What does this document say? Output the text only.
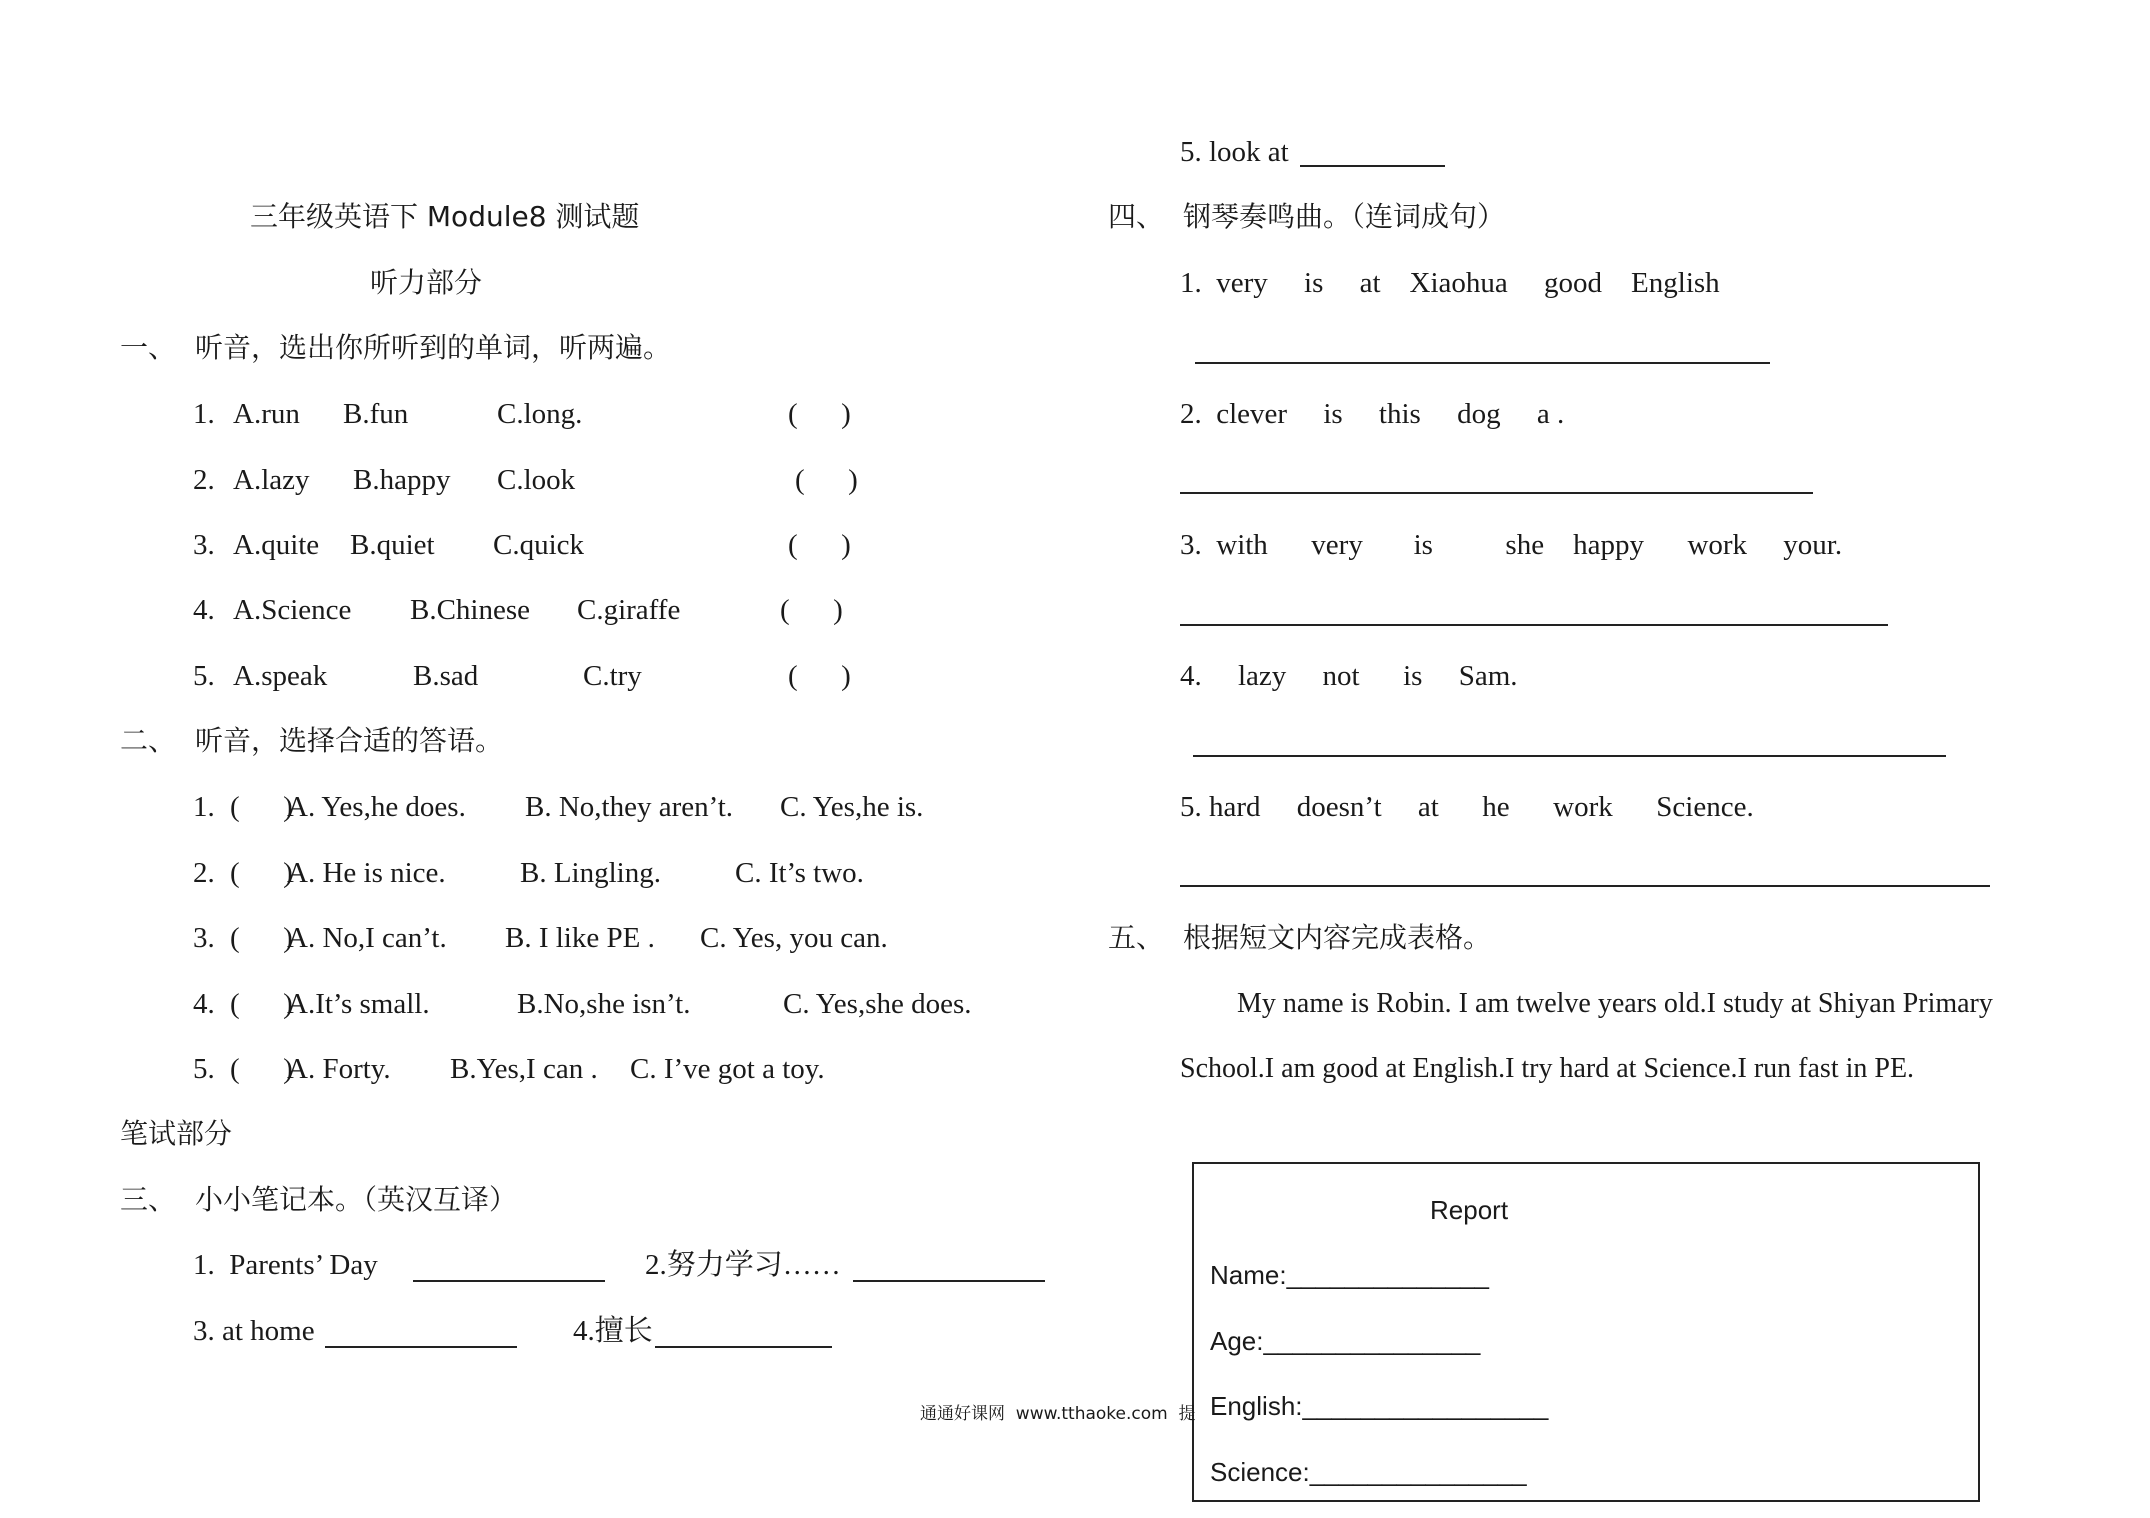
三年级英语下 Module8 测试题
听力部分
一、 听音，选出你所听到的单词，听两遍。
1. A.run B.fun	C.long.	(      )
2. A.lazy B.happy C.look	(      )
3. A.quite B.quiet C.quick	(      )
4. A.Science B.Chinese C.giraffe	(      )
5. A.speak	B.sad	C.try	(      )
二、 听音，选择合适的答语。
1. (      )
A. Yes,he does. B. No,they aren’t. C. Yes,he is.
2. (      )
A. He is nice.	B. Lingling.	C. It’s two.
3. (      )
A. No,I can’t. B. I like PE . C. Yes, you can.
4. (      )
A.It’s small.	B.No,she isn’t.	C. Yes,she does.
5. (      )
A. Forty. B.Yes,I can . C. I’ve got a toy.
笔试部分
三、 小小笔记本。（英汉互译）
1.  Parents’ Day	2.努力学习……
3. at home	4.擅长
5. look at
四、 钢琴奏鸣曲。（连词成句）
1.  very     is     at    Xiaohua     good    English
2.  clever     is     this     dog     a .
3.  with      very       is          she    happy      work     your.
4.     lazy     not      is     Sam.
5. hard     doesn’t     at      he      work      Science.
五、 根据短文内容完成表格。
My name is Robin. I am twelve years old.I study at Shiyan Primary
School.I am good at English.I try hard at Science.I run fast in PE.
Report
Name:______________
Age:_______________
English:_________________
Science:_______________
通通好课网  www.tthaoke.com  提
